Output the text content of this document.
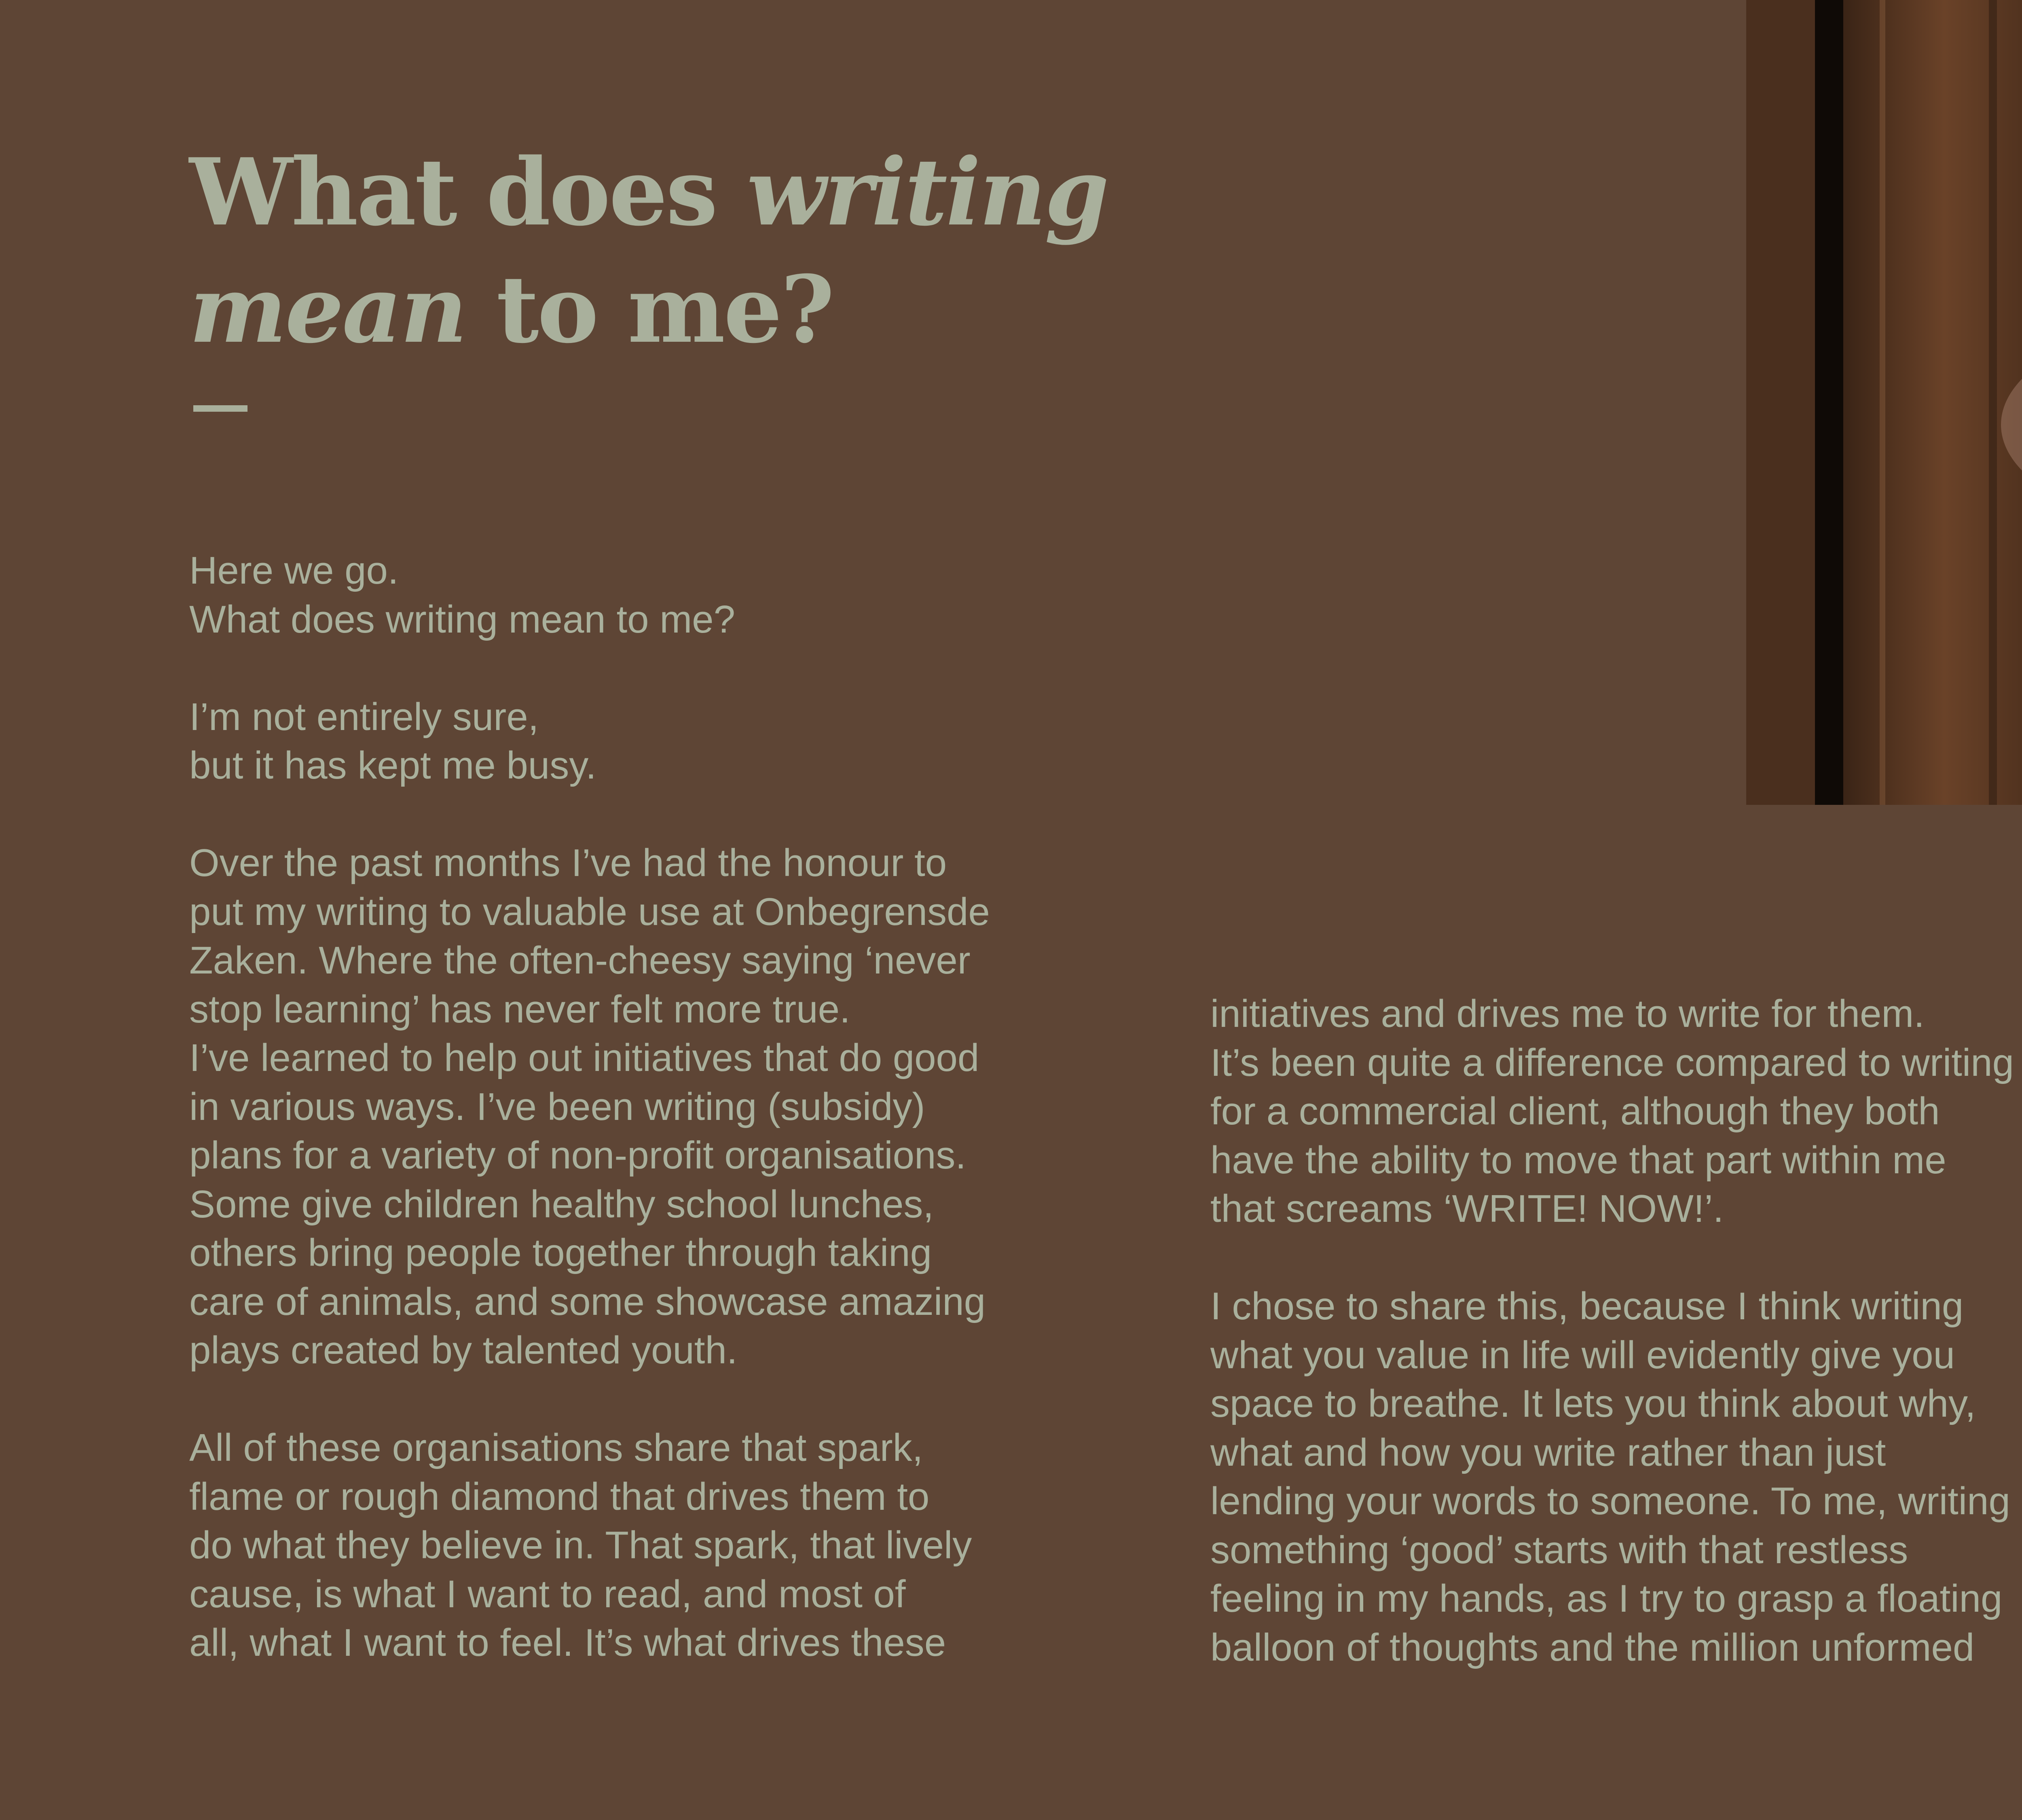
What does writing
mean to me?

Here we go.
What does writing mean to me?

I’m not entirely sure,
but it has kept me busy.

Over the past months I’ve had the honour to
put my writing to valuable use at Onbegrensde
Zaken. Where the often-cheesy saying ‘never
stop learning’ has never felt more true.
I’ve learned to help out initiatives that do good
in various ways. I’ve been writing (subsidy)
plans for a variety of non-profit organisations.
Some give children healthy school lunches,
others bring people together through taking
care of animals, and some showcase amazing
plays created by talented youth.

All of these organisations share that spark,
flame or rough diamond that drives them to
do what they believe in. That spark, that lively
cause, is what I want to read, and most of
all, what I want to feel. It’s what drives these

initiatives and drives me to write for them.
It’s been quite a difference compared to writing
for a commercial client, although they both
have the ability to move that part within me
that screams ‘WRITE! NOW!’.

I chose to share this, because I think writing
what you value in life will evidently give you
space to breathe. It lets you think about why,
what and how you write rather than just
lending your words to someone. To me, writing
something ‘good’ starts with that restless
feeling in my hands, as I try to grasp a floating
balloon of thoughts and the million unformed
